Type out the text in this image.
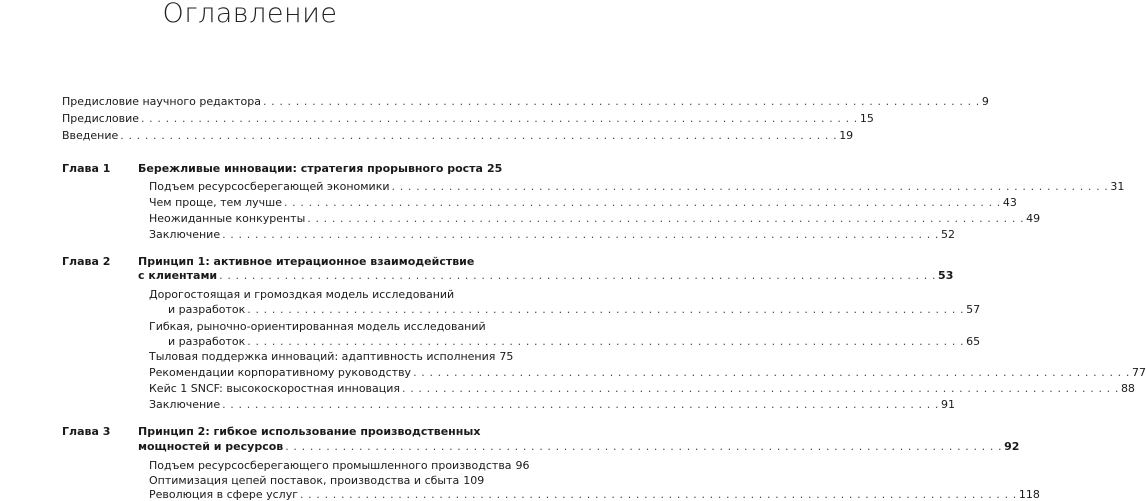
Оглавление
Предисловие научного редактора . . .	9
Предисловие . . .	15
Введение . . .	19
Глава 1	Бережливые инновации: стратегия прорывного роста 25
Подъем ресурсосберегающей экономики . . .	31
Чем проще, тем лучше . . .	43
Неожиданные конкуренты . . .	49
Заключение . . .	52
Глава 2	Принцип 1: активное итерационное взаимодействие
с клиентами . . .	53
Дорогостоящая и громоздкая модель исследований
и разработок . . .	57
Гибкая, рыночно-ориентированная модель исследований
и разработок . . .	65
Тыловая поддержка инноваций: адаптивность исполнения 75
Рекомендации корпоративному руководству . . .	77
Кейс 1 SNCF: высокоскоростная инновация . . .	88
Заключение . . .	91
Глава 3	Принцип 2: гибкое использование производственных
мощностей и ресурсов . . .	92
Подъем ресурсосберегающего промышленного производства 96
Оптимизация цепей поставок, производства и сбыта 109
Революция в сфере услуг . . .	118
